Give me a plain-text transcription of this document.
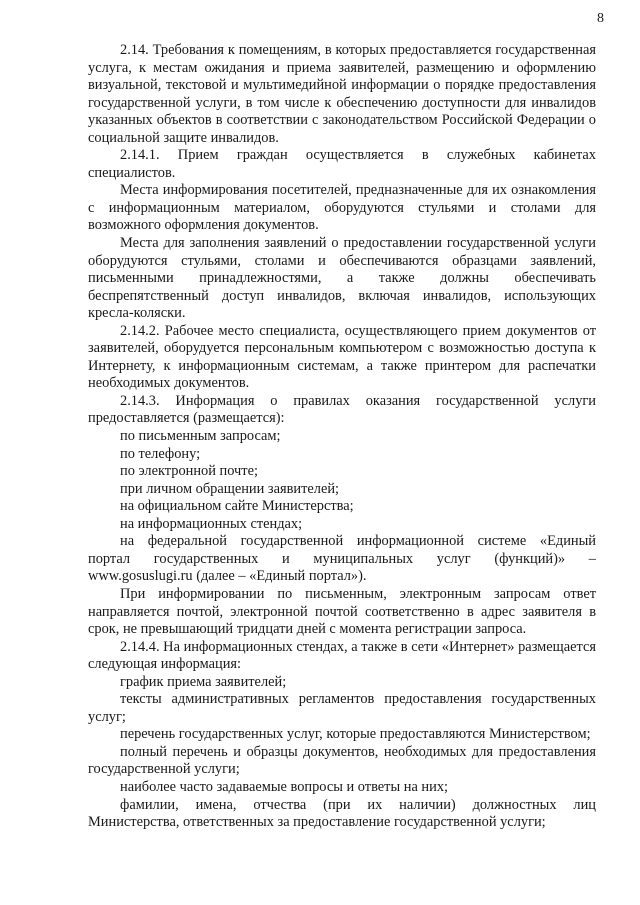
8

2.14. Требования к помещениям, в которых предоставляется государственная услуга, к местам ожидания и приема заявителей, размещению и оформлению визуальной, текстовой и мультимедийной информации о порядке предоставления государственной услуги, в том числе к обеспечению доступности для инвалидов указанных объектов в соответствии с законодательством Российской Федерации о социальной защите инвалидов.

2.14.1. Прием граждан осуществляется в служебных кабинетах специалистов.

Места информирования посетителей, предназначенные для их ознакомления с информационным материалом, оборудуются стульями и столами для возможного оформления документов.

Места для заполнения заявлений о предоставлении государственной услуги оборудуются стульями, столами и обеспечиваются образцами заявлений, письменными принадлежностями, а также должны обеспечивать беспрепятственный доступ инвалидов, включая инвалидов, использующих кресла-коляски.

2.14.2. Рабочее место специалиста, осуществляющего прием документов от заявителей, оборудуется персональным компьютером с возможностью доступа к Интернету, к информационным системам, а также принтером для распечатки необходимых документов.

2.14.3. Информация о правилах оказания государственной услуги предоставляется (размещается):

по письменным запросам;

по телефону;

по электронной почте;

при личном обращении заявителей;

на официальном сайте Министерства;

на информационных стендах;

на федеральной государственной информационной системе «Единый

портал государственных и муниципальных услуг (функций)» –

www.gosuslugi.ru (далее – «Единый портал»).

При информировании по письменным, электронным запросам ответ направляется почтой, электронной почтой соответственно в адрес заявителя в срок, не превышающий тридцати дней с момента регистрации запроса.

2.14.4. На информационных стендах, а также в сети «Интернет» размещается следующая информация:

график приема заявителей;

тексты административных регламентов предоставления государственных услуг;

перечень государственных услуг, которые предоставляются Министерством;

полный перечень и образцы документов, необходимых для предоставления государственной услуги;

наиболее часто задаваемые вопросы и ответы на них;

фамилии, имена, отчества (при их наличии) должностных лиц Министерства, ответственных за предоставление государственной услуги;
